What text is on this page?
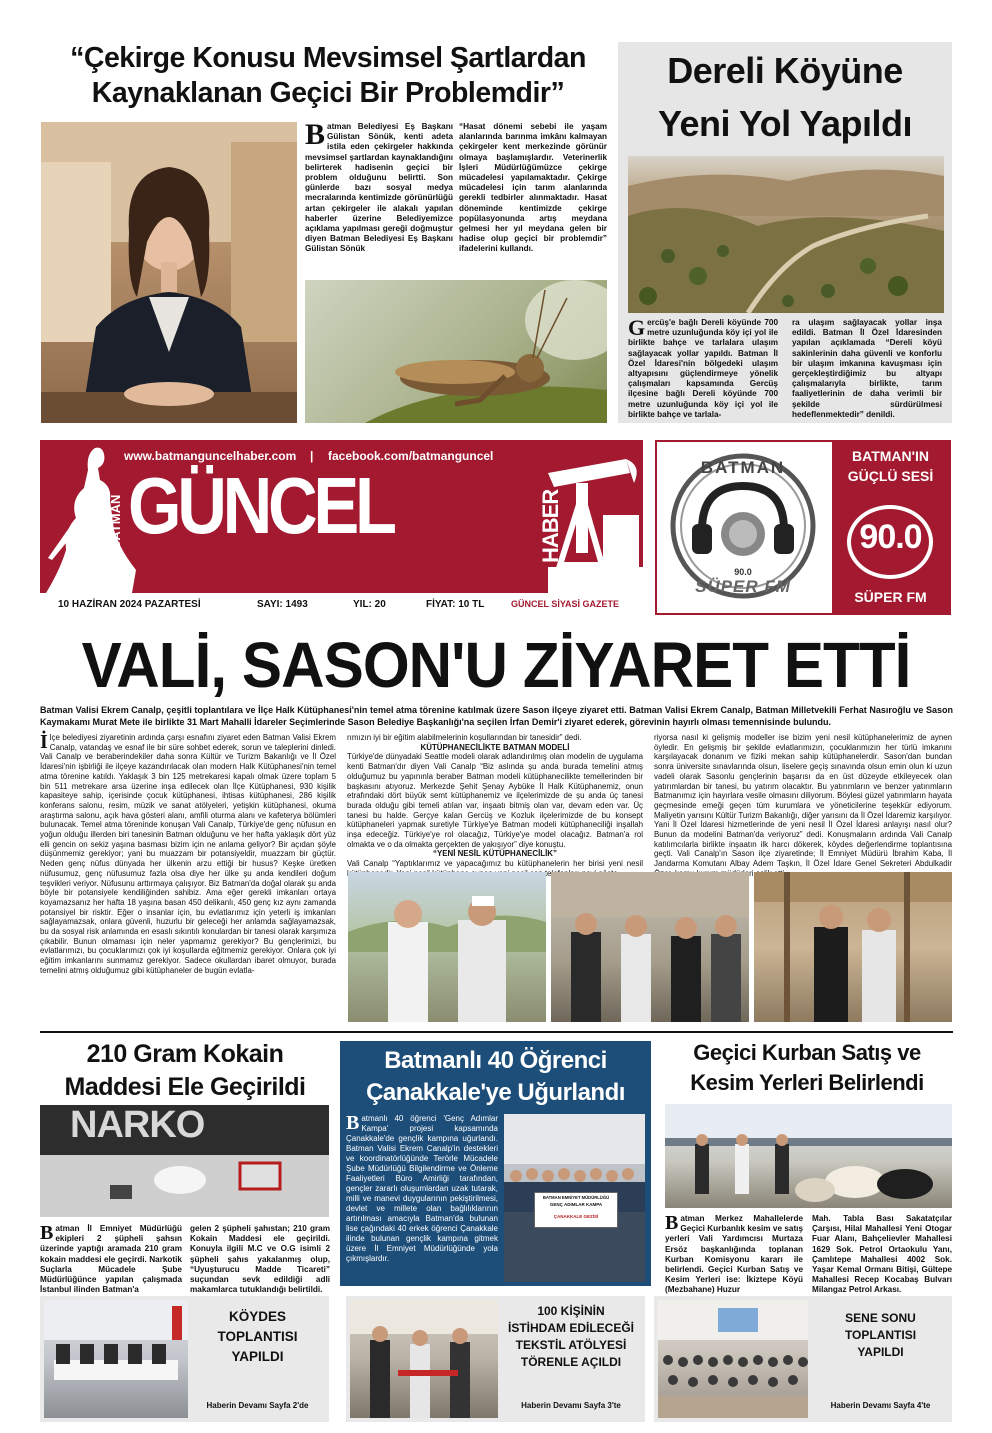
“Çekirge Konusu Mevsimsel Şartlardan
Kaynaklanan Geçici Bir Problemdir”
B atman Belediyesi Eş Başkanı Gülistan Sönük, kenti adeta istila eden çekirgeler hakkında mevsimsel şartlardan kaynaklandığını belirterek hadisenin geçici bir problem olduğunu belirtti. Son günlerde bazı sosyal medya mecralarında kentimizde görünürlüğü artan çekirgeler ile alakalı yapılan haberler üzerine Belediyemizce açıklama yapılması gereği doğmuştur diyen Batman Belediyesi Eş Başkanı Gülistan Sönük
“Hasat dönemi sebebi ile yaşam alanlarında barınma imkânı kalmayan çekirgeler kent merkezinde görünür olmaya başlamışlardır. Veterinerlik İşleri Müdürlüğümüzce çekirge mücadelesi yapılamaktadır. Çekirge mücadelesi için tarım alanlarında gerekli tedbirler alınmaktadır. Hasat döneminde kentimizde çekirge popülasyonunda artış meydana gelmesi her yıl meydana gelen bir hadise olup geçici bir problemdir” ifadelerini kullandı.
Dereli Köyüne
Yeni Yol Yapıldı
G ercüş'e bağlı Dereli köyünde 700 metre uzunluğunda köy içi yol ile birlikte bahçe ve tarlalara ulaşım sağlayacak yollar yapıldı. Batman İl Özel İdaresi'nin bölgedeki ulaşım altyapısını güçlendirmeye yönelik çalışmaları kapsamında Gercüş ilçesine bağlı Dereli köyünde 700 metre uzunluğunda köy içi yol ile birlikte bahçe ve tarlala-
ra ulaşım sağlayacak yollar inşa edildi. Batman İl Özel İdaresinden yapılan açıklamada “Dereli köyü sakinlerinin daha güvenli ve konforlu bir ulaşım imkanına kavuşması için gerçekleştirdiğimiz bu altyapı çalışmalarıyla birlikte, tarım faaliyetlerinin de daha verimli bir şekilde sürdürülmesi hedeflenmektedir” denildi.
www.batmanguncelhaber.com | facebook.com/batmanguncel
BATMAN GÜNCEL	HABER
10 HAZİRAN 2024 PAZARTESİ	SAYI: 1493	YIL: 20	FİYAT: 10 TL	GÜNCEL SİYASİ GAZETE
BATMAN
90.0
SÜPER FM
BATMAN'IN
GÜÇLÜ SESİ
90.0
SÜPER FM
VALİ, SASON'U ZİYARET ETTİ
Batman Valisi Ekrem Canalp, çeşitli toplantılara ve İlçe Halk Kütüphanesi'nin temel atma törenine katılmak üzere Sason ilçeye ziyaret etti. Batman Valisi Ekrem Canalp, Batman Milletvekili Ferhat Nasıroğlu ve Sason Kaymakamı Murat Mete ile birlikte 31 Mart Mahalli İdareler Seçimlerinde Sason Belediye Başkanlığı'na seçilen İrfan Demir'i ziyaret ederek, görevinin hayırlı olması temennisinde bulundu.
İ lçe belediyesi ziyaretinin ardında çarşı esnafını ziyaret eden Batman Valisi Ekrem Canalp, vatandaş ve esnaf ile bir süre sohbet ederek, sorun ve taleplerini dinledi. Vali Canalp ve beraberindekiler daha sonra Kültür ve Turizm Bakanlığı ve İl Özel İdaresi'nin işbirliği ile ilçeye kazandırılacak olan modern Halk Kütüphanesi'nin temel atma törenine katıldı. Yaklaşık 3 bin 125 metrekaresi kapalı olmak üzere toplam 5 bin 511 metrekare arsa üzerine inşa edilecek olan İlçe Kütüphanesi, 930 kişilik kapasiteye sahip, içerisinde çocuk kütüphanesi, ihtisas kütüphanesi, 286 kişilik konferans salonu, resim, müzik ve sanat atölyeleri, yetişkin kütüphanesi, okuma araştırma salonu, açık hava gösteri alanı, amfili oturma alanı ve kafeterya bölümleri bulunacak. Temel atma töreninde konuşan Vali Canalp, Türkiye'de genç nüfusun en yoğun olduğu illerden biri tanesinin Batman olduğunu ve her hafta yaklaşık dört yüz elli gencin on sekiz yaşına basması bizim için ne anlama geliyor? Bir açıdan şöyle düşünmemiz gerekiyor; yani bu muazzam bir potansiyeldir, muazzam bir güçtür. Neden genç nüfus dünyada her ülkenin arzu ettiği bir husus? Keşke üretken nüfusumuz, genç nüfusumuz fazla olsa diye her ülke şu anda kendileri doğum teşvikleri veriyor. Nüfusunu arttırmaya çalışıyor. Biz Batman'da doğal olarak şu anda böyle bir potansiyele kendiliğinden sahibiz. Ama eğer gerekli imkanları ortaya koyamazsanız her hafta 18 yaşına basan 450 delikanlı, 450 genç kız aynı zamanda potansiyel bir risktir. Eğer o insanlar için, bu evlatlarımız için yeterli iş imkanları sağlayamazsak, onlara güvenli, huzurlu bir geleceği her anlamda sağlayamazsak, bu da sosyal risk anlamında en esaslı sıkıntılı konulardan bir tanesi olarak karşımıza çıkabilir. Bunun olmaması için neler yapmamız gerekiyor? Bu gençlerimizi, bu evlatlarımızı, bu çocuklarımızı çok iyi koşullarda eğitmemiz gerekiyor. Onlara çok iyi eğitim imkanlarını sunmamız gerekiyor. Sadece okullardan ibaret olmuyor, burada temelini atmış olduğumuz gibi kütüphaneler de bugün evlatla-
rımızın iyi bir eğitim alabilmelerinin koşullarından bir tanesidir” dedi.
KÜTÜPHANECİLİKTE BATMAN MODELİ
Türkiye'de dünyadaki Seattle modeli olarak adlandırılmış olan modelin de uygulama kenti Batman'dır diyen Vali Canalp “Biz aslında şu anda burada temelini atmış olduğumuz bu yapınınla beraber Batman modeli kütüphanecilikte temellerinden bir başkasını atıyoruz. Merkezde Şehit Şenay Aybüke İl Halk Kütüphanemiz, onun etrafındaki dört büyük semt kütüphanemiz ve ilçelerimizde de şu anda üç tanesi burada olduğu gibi temeli atılan var, inşaatı bitmiş olan var, devam eden var. Üç tanesi bu halde. Gerçye kalan Gercüş ve Kozluk ilçelerimizde de bu konsept kütüphaneleri yapmak suretiyle Türkiye'ye Batman modeli kütüphaneciliği inşallah inşa edeceğiz. Türkiye'ye rol olacağız, Türkiye'ye model olacağız. Batman'a rol olmakta ve o da olmakta gerçekten de yakışıyor” diye konuştu.
“YENİ NESİL KÜTÜPHANECİLİK”
Vali Canalp “Yaptıklarımız ve yapacağımız bu kütüphanelerin her birisi yeni nesil
riyorsa nasıl ki gelişmiş modeller ise bizim yeni nesil kütüphanelerimiz de aynen öyledir. En gelişmiş bir şekilde evlatlarımızın, çocuklarımızın her türlü imkanını karşılayacak donanım ve fiziki mekan sahip kütüphanelerdir. Sason'dan bundan sonra üniversite sınavlarında olsun, liselere geçiş sınavında olsun emin olun ki uzun vadeli olarak Sasonlu gençlerinin başarısı da en üst düzeyde etkileyecek olan yatırımlardan bir tanesi, bu yatırım olacaktır. Bu yatırımların ve benzer yatırımların Batmanımız için hayırlara vesile olmasını diliyorum. Böylesi güzel yatırımların hayata geçmesinde emeği geçen tüm kurumlara ve yöneticilerine teşekkür ediyorum. Maliyetin yarısını Kültür Turizm Bakanlığı, diğer yarısını da İl Özel İdaremiz karşılıyor. Yani İl Özel İdaresi hizmetlerinde de yeni nesil İl Özel İdaresi anlayışı nasıl olur? Bunun da modelini Batman'da veriyoruz” dedi. Konuşmaların ardında Vali Canalp katılımcılarla birlikte inşaatın ilk harcı dökerek, köydes değerlendirme toplantısına geçti. Vali Canalp'ın Sason ilçe ziyaretinde; İl Emniyet Müdürü İbrahim Kaba, İl Jandarma Komutanı Albay Adem Taşkın, İl Özel İdare Genel Sekreteri Abdulkadir
210 Gram Kokain
Maddesi Ele Geçirildi
NARKO
B atman İl Emniyet Müdürlüğü ekipleri 2 şüpheli şahsın üzerinde yaptığı aramada 210 gram kokain maddesi ele geçirdi. Narkotik Suçlarla Mücadele Şube Müdürlüğünce yapılan çalışmada İstanbul ilinden Batman'a
gelen 2 şüpheli şahıstan; 210 gram Kokain Maddesi ele geçirildi. Konuyla ilgili M.C ve O.G isimli 2 şüpheli şahıs yakalanmış olup, “Uyuşturucu Madde Ticareti” suçundan sevk edildiği adli makamlarca tutuklandığı belirtildi.
Batmanlı 40 Öğrenci
Çanakkale'ye Uğurlandı
B atmanlı 40 öğrenci 'Genç Adımlar Kampa' projesi kapsamında Çanakkale'de gençlik kampına uğurlandı. Batman Valisi Ekrem Canalp'in destekleri ve koordinatörlüğünde Terörle Mücadele Şube Müdürlüğü Bilgilendirme ve Önleme Faaliyetleri Büro Amirliği tarafından, gençler zararlı oluşumlardan uzak tutarak, milli ve manevi duygularının pekiştirilmesi, devlet ve millete olan bağlılıklarının artırılması amacıyla Batman'da bulunan lise çağındaki 40 erkek öğrenci Çanakkale ilinde bulunan gençlik kampına gitmek üzere İl Emniyet Müdürlüğünde yola çıkmışlardır.
BATMAN EMNİYET MÜDÜRLÜĞÜ
GENÇ ADIMLAR KAMPA
ÇANAKKALE GEZİSİ
Geçici Kurban Satış ve
Kesim Yerleri Belirlendi
B atman Merkez Mahallelerde Geçici Kurbanlık kesim ve satış yerleri Vali Yardımcısı Murtaza Ersöz başkanlığında toplanan Kurban Komisyonu kararı ile belirlendi. Geçici Kurban Satış ve Kesim Yerleri ise: İkiztepe Köyü (Mezbahane) Huzur
Mah. Tabla Bası Sakatatçılar Çarşısı, Hilal Mahallesi Yeni Otogar Fuar Alanı, Bahçelievler Mahallesi 1629 Sok. Petrol Ortaokulu Yanı, Çamlıtepe Mahallesi 4002 Sok. Yaşar Kemal Ormanı Bitişi, Gültepe Mahallesi Recep Kocabaş Bulvarı Milangaz Petrol Arkası.
KÖYDES
TOPLANTISI
YAPILDI
Haberin Devamı Sayfa 2'de
100 KİŞİNİN
İSTİHDAM EDİLECEĞİ
TEKSTİL ATÖLYESİ
TÖRENLE AÇILDI
Haberin Devamı Sayfa 3'te
SENE SONU
TOPLANTISI
YAPILDI
Haberin Devamı Sayfa 4'te
